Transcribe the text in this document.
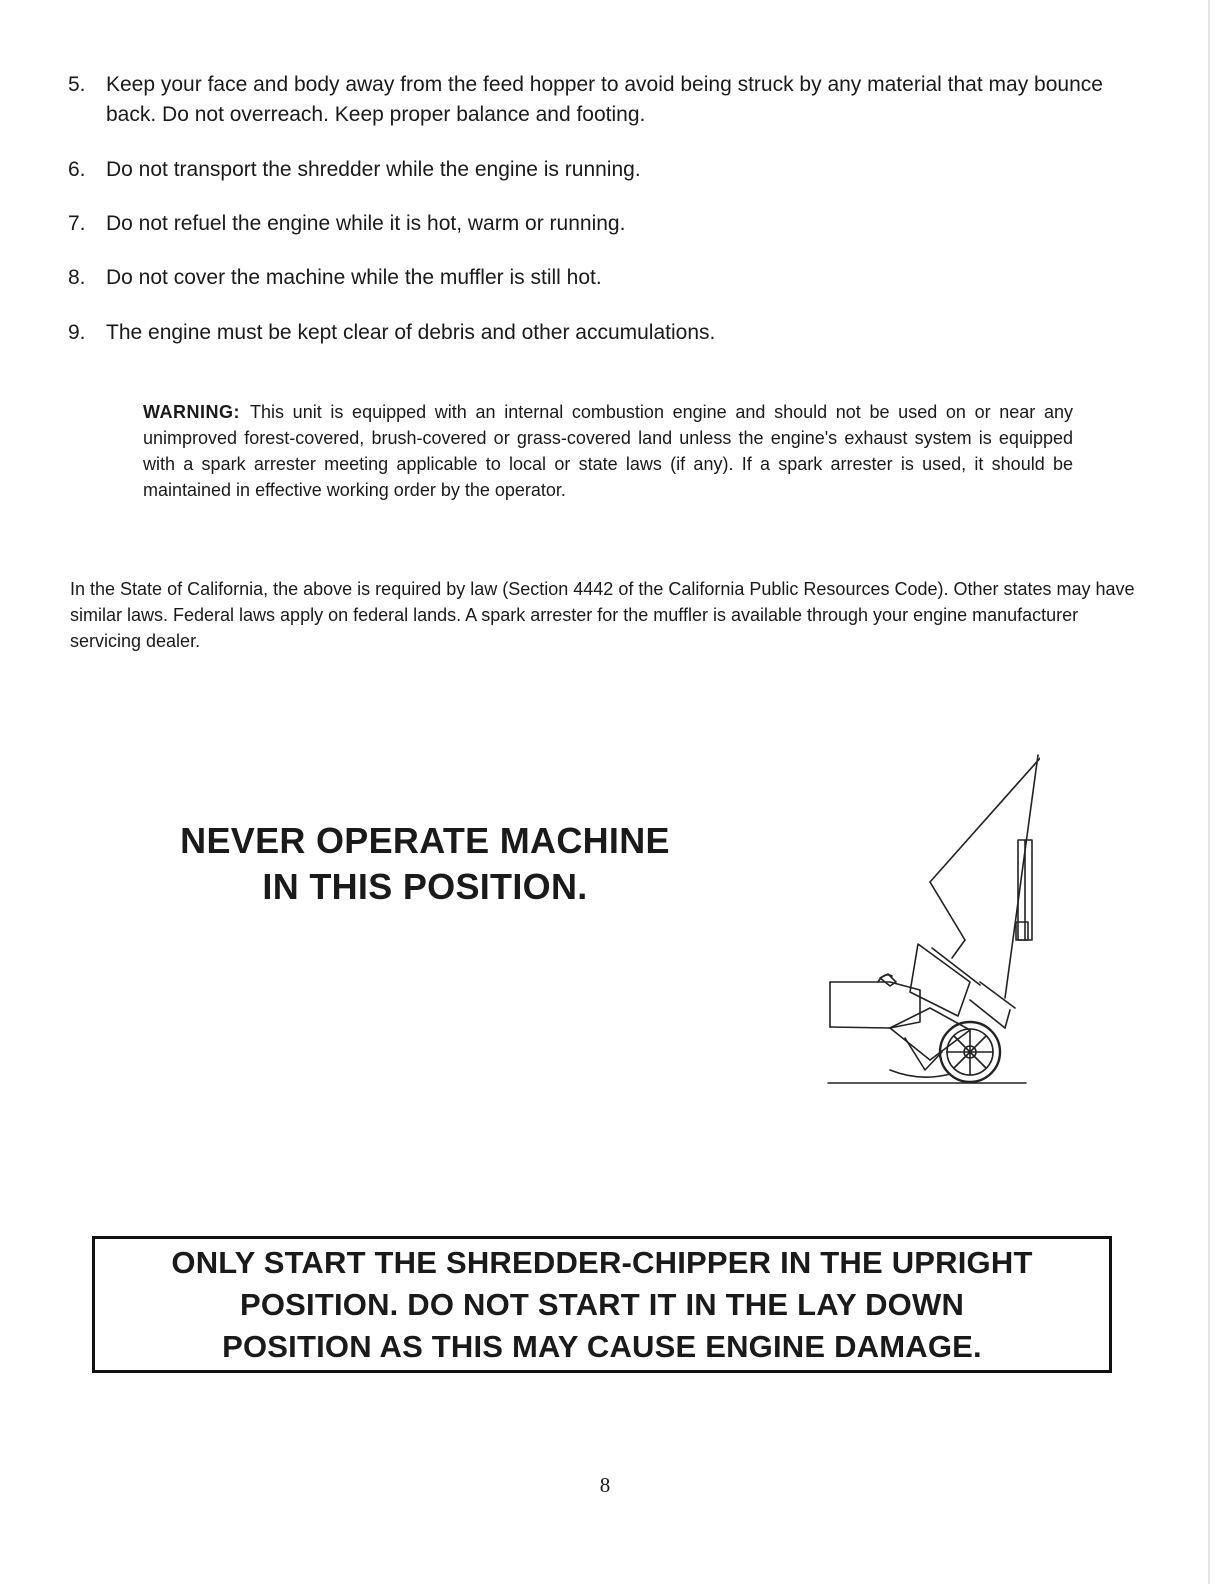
5. Keep your face and body away from the feed hopper to avoid being struck by any material that may bounce back. Do not overreach. Keep proper balance and footing.
6. Do not transport the shredder while the engine is running.
7. Do not refuel the engine while it is hot, warm or running.
8. Do not cover the machine while the muffler is still hot.
9. The engine must be kept clear of debris and other accumulations.
WARNING: This unit is equipped with an internal combustion engine and should not be used on or near any unimproved forest-covered, brush-covered or grass-covered land unless the engine's exhaust system is equipped with a spark arrester meeting applicable to local or state laws (if any). If a spark arrester is used, it should be maintained in effective working order by the operator.
In the State of California, the above is required by law (Section 4442 of the California Public Resources Code). Other states may have similar laws. Federal laws apply on federal lands. A spark arrester for the muffler is available through your engine manufacturer servicing dealer.
NEVER OPERATE MACHINE
IN THIS POSITION.
ONLY START THE SHREDDER-CHIPPER IN THE UPRIGHT
POSITION. DO NOT START IT IN THE LAY DOWN
POSITION AS THIS MAY CAUSE ENGINE DAMAGE.
8
